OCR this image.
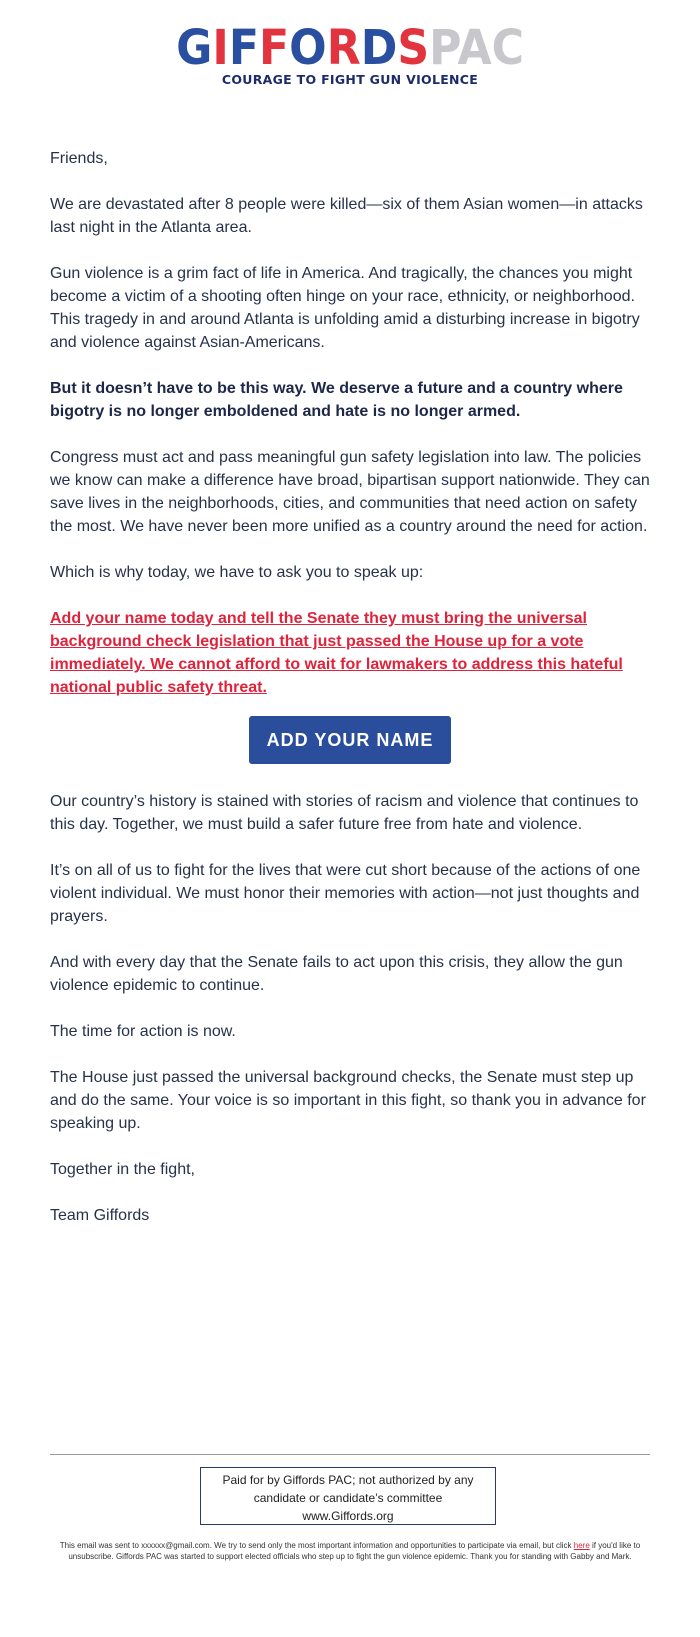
GIFFORDSPAC
COURAGE TO FIGHT GUN VIOLENCE

Friends,

We are devastated after 8 people were killed—six of them Asian women—in attacks last night in the Atlanta area.

Gun violence is a grim fact of life in America. And tragically, the chances you might become a victim of a shooting often hinge on your race, ethnicity, or neighborhood. This tragedy in and around Atlanta is unfolding amid a disturbing increase in bigotry and violence against Asian-Americans.

But it doesn’t have to be this way. We deserve a future and a country where bigotry is no longer emboldened and hate is no longer armed.

Congress must act and pass meaningful gun safety legislation into law. The policies we know can make a difference have broad, bipartisan support nationwide. They can save lives in the neighborhoods, cities, and communities that need action on safety the most. We have never been more unified as a country around the need for action.

Which is why today, we have to ask you to speak up:

Add your name today and tell the Senate they must bring the universal background check legislation that just passed the House up for a vote immediately. We cannot afford to wait for lawmakers to address this hateful national public safety threat.

ADD YOUR NAME

Our country’s history is stained with stories of racism and violence that continues to this day. Together, we must build a safer future free from hate and violence.

It’s on all of us to fight for the lives that were cut short because of the actions of one violent individual. We must honor their memories with action—not just thoughts and prayers.

And with every day that the Senate fails to act upon this crisis, they allow the gun violence epidemic to continue.

The time for action is now.

The House just passed the universal background checks, the Senate must step up and do the same. Your voice is so important in this fight, so thank you in advance for speaking up.

Together in the fight,

Team Giffords

Paid for by Giffords PAC; not authorized by any
candidate or candidate’s committee
www.Giffords.org
This email was sent to xxxxxx@gmail.com. We try to send only the most important information and opportunities to participate via email, but click here if you'd like to unsubscribe. Giffords PAC was started to support elected officials who step up to fight the gun violence epidemic. Thank you for standing with Gabby and Mark.
